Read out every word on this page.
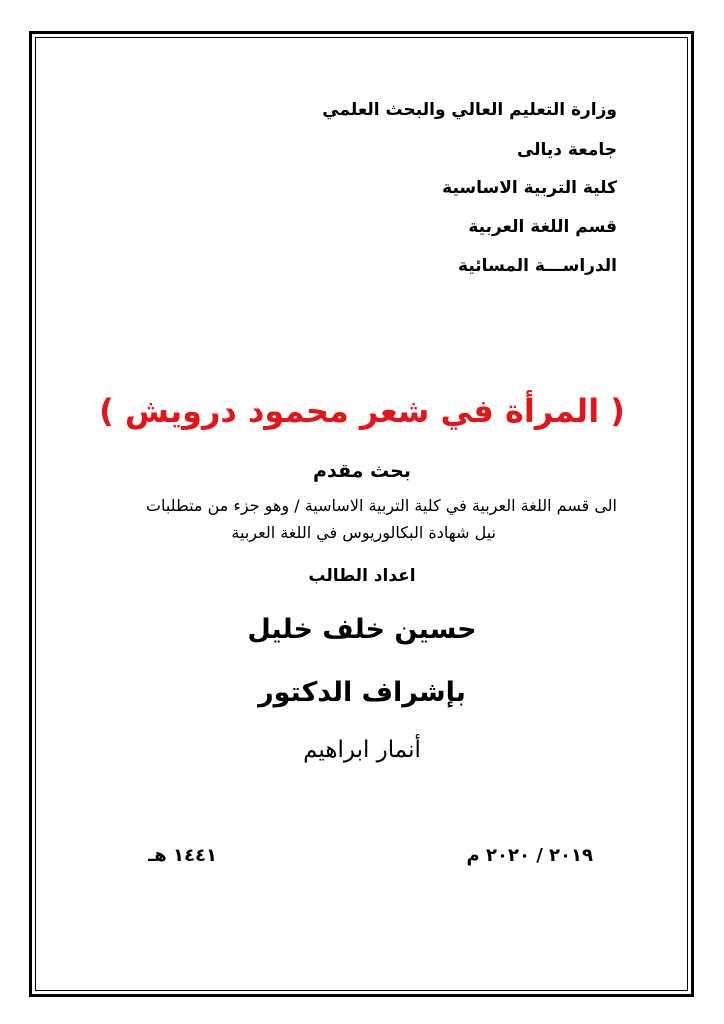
وزارة التعليم العالي والبحث العلمي
جامعة ديالى
كلية التربية الاساسية
قسم اللغة العربية
الدراســـة المسائية
( المرأة في شعر محمود درويش )
بحث مقدم
الى قسم اللغة العربية في كلية التربية الاساسية / وهو جزء من متطلبات
نيل شهادة البكالوريوس في اللغة العربية
اعداد الطالب
حسين خلف خليل
بإشراف الدكتور
أنمار ابراهيم
٢٠١٩ / ٢٠٢٠ م
١٤٤١ هـ
